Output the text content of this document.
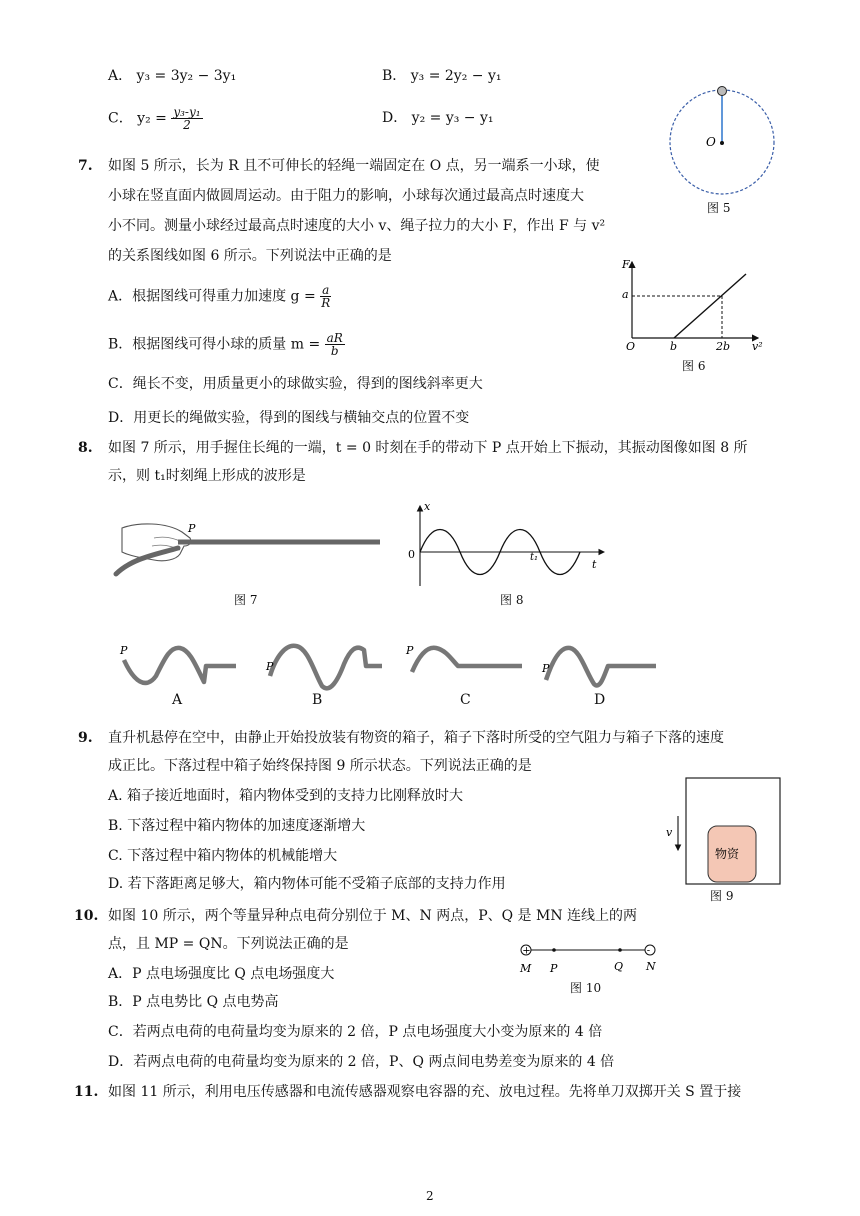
A． y₃ = 3y₂ − 3y₁	B． y₃ = 2y₂ − y₁
C． $y_2 = \frac{\text{y₃-y₁}}{2}$	D． y₂ = y₃ − y₁
O
图 5
7. 如图 5 所示，长为 R 且不可伸长的轻绳一端固定在 O 点，另一端系一小球，使
小球在竖直面内做圆周运动。由于阻力的影响，小球每次通过最高点时速度大
小不同。测量小球经过最高点时速度的大小 v、绳子拉力的大小 F，作出 F 与 v²
的关系图线如图 6 所示。下列说法中正确的是
A．根据图线可得重力加速度 $g = \frac{a}{R}$
B．根据图线可得小球的质量 $m = \frac{aR}{b}$
C．绳长不变，用质量更小的球做实验，得到的图线斜率更大
D．用更长的绳做实验，得到的图线与横轴交点的位置不变
F
a
O	b	2b v²
图 6
8. 如图 7 所示，用手握住长绳的一端，t = 0 时刻在手的带动下 P 点开始上下振动，其振动图像如图 8 所
示，则 t₁时刻绳上形成的波形是
P
图 7
x
0	t₁
t
图 8
P
A
P
B
P
C
P
D
9. 直升机悬停在空中，由静止开始投放装有物资的箱子，箱子下落时所受的空气阻力与箱子下落的速度
成正比。下落过程中箱子始终保持图 9 所示状态。下列说法正确的是
A. 箱子接近地面时，箱内物体受到的支持力比刚释放时大
B. 下落过程中箱内物体的加速度逐渐增大
C. 下落过程中箱内物体的机械能增大
D. 若下落距离足够大，箱内物体可能不受箱子底部的支持力作用
物资
v
图 9
10. 如图 10 所示，两个等量异种点电荷分别位于 M、N 两点，P、Q 是 MN 连线上的两
点，且 MP = QN。下列说法正确的是
A．P 点电场强度比 Q 点电场强度大
B．P 点电势比 Q 点电势高
C．若两点电荷的电荷量均变为原来的 2 倍，P 点电场强度大小变为原来的 4 倍
D．若两点电荷的电荷量均变为原来的 2 倍，P、Q 两点间电势差变为原来的 4 倍
+	-
M P	Q N
图 10
11. 如图 11 所示，利用电压传感器和电流传感器观察电容器的充、放电过程。先将单刀双掷开关 S 置于接
2
